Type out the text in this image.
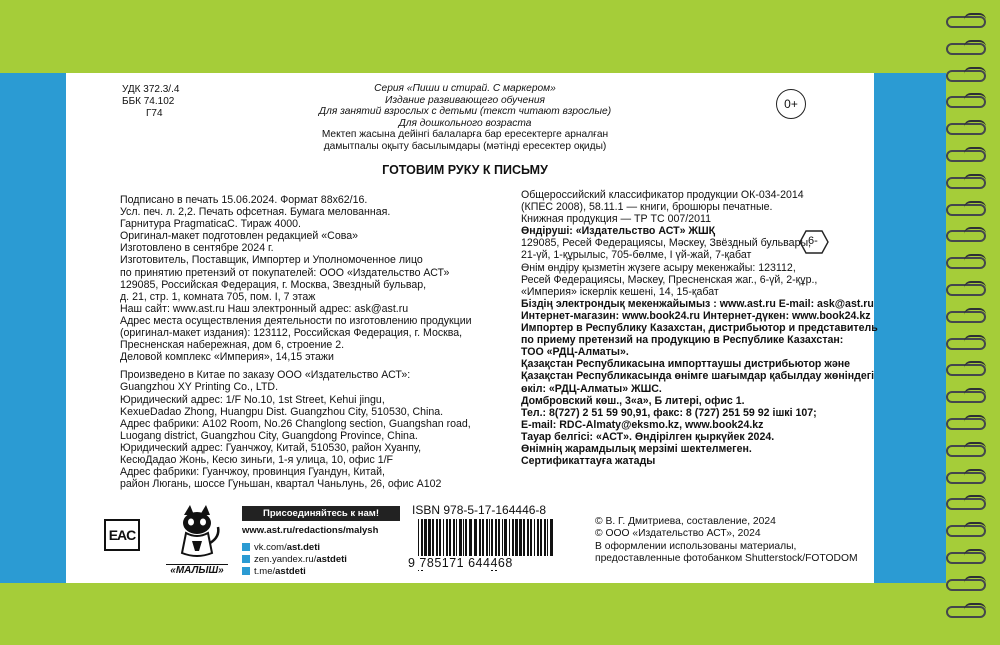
УДК 372.3/.4
ББК 74.102
Г74
Серия «Пиши и стирай. С маркером»
Издание развивающего обучения
Для занятий взрослых с детьми (текст читают взрослые)
Для дошкольного возраста
Мектеп жасына дейінгі балаларға бар ересектерге арналған
дамытпалы оқыту басылымдары (мәтінді ересектер оқиды)
0+
ГОТОВИМ РУКУ К ПИСЬМУ
Подписано в печать 15.06.2024. Формат 88x62/16.
Усл. печ. л. 2,2. Печать офсетная. Бумага мелованная.
Гарнитура PragmaticaC. Тираж 4000.
Оригинал-макет подготовлен редакцией «Сова»
Изготовлено в сентябре 2024 г.
Изготовитель, Поставщик, Импортер и Уполномоченное лицо
по принятию претензий от покупателей: ООО «Издательство АСТ»
129085, Российская Федерация, г. Москва, Звездный бульвар,
д. 21, стр. 1, комната 705, пом. I, 7 этаж
Наш сайт: www.ast.ru Наш электронный адрес: ask@ast.ru
Адрес места осуществления деятельности по изготовлению продукции
(оригинал-макет издания): 123112, Российская Федерация, г. Москва,
Пресненская набережная, дом 6, строение 2.
Деловой комплекс «Империя», 14,15 этажи
Произведено в Китае по заказу ООО «Издательство АСТ»:
Guangzhou XY Printing Co., LTD.
Юридический адрес: 1/F No.10, 1st Street, Kehui jingu,
KexueDadao Zhong, Huangpu Dist. Guangzhou City, 510530, China.
Адрес фабрики: A102 Room, No.26 Changlong section, Guangshan road,
Luogang district, Guangzhou City, Guangdong Province, China.
Юридический адрес: Гуанчжоу, Китай, 510530, район Хуанпу,
КесюДадао Жонь, Кесю зиньги, 1-я улица, 10, офис 1/F
Адрес фабрики: Гуанчжоу, провинция Гуандун, Китай,
район Люгань, шоссе Гуньшан, квартал Чаньлунь, 26, офис A102
Общероссийский классификатор продукции ОК-034-2014
(КПЕС 2008), 58.11.1 — книги, брошюры печатные.
Книжная продукция — ТР ТС 007/2011
Өндіруші: «Издательство АСТ» ЖШҚ
129085, Ресей Федерациясы, Мәскеу, Звёздный бульвары,
21-үй, 1-құрылыс, 705-бөлме, I үй-жай, 7-қабат
Өнім өндіру қызметін жүзеге асыру мекенжайы: 123112,
Ресей Федерациясы, Мәскеу, Пресненская жаг., 6-үй, 2-құр.,
«Империя» іскерлік кешені, 14, 15-қабат
Біздің электрондық мекенжайымыз : www.ast.ru E-mail: ask@ast.ru
Интернет-магазин: www.book24.ru Интернет-дүкен: www.book24.kz
Импортер в Республику Казахстан, дистрибьютор и представитель
по приему претензий на продукцию в Республике Казахстан:
ТОО «РДЦ-Алматы».
Қазақстан Республикасына импорттаушы дистрибьютор және
Қазақстан Республикасында өнімге шағымдар қабылдау жөніндегі
өкіл: «РДЦ-Алматы» ЖШС.
Домбровский көш., 3«а», Б литері, офис 1.
Тел.: 8(727) 2 51 59 90,91, факс: 8 (727) 251 59 92 ішкі 107;
E-mail: RDC-Almaty@eksmo.kz, www.book24.kz
Тауар белгісі: «АСТ». Өндірілген қыркүйек 2024.
Өнімнің жарамдылық мерзімі шектелмеген.
Сертификаттауға жатады
6-
EAC
«МАЛЫШ»
Присоединяйтесь к нам!
www.ast.ru/redactions/malysh
vk.com/ast.deti
zen.yandex.ru/astdeti
t.me/astdeti
ISBN 978-5-17-164446-8
9 785171 644468
© В. Г. Дмитриева, составление, 2024
© ООО «Издательство АСТ», 2024
В оформлении использованы материалы,
предоставленные фотобанком Shutterstock/FOTODOM
